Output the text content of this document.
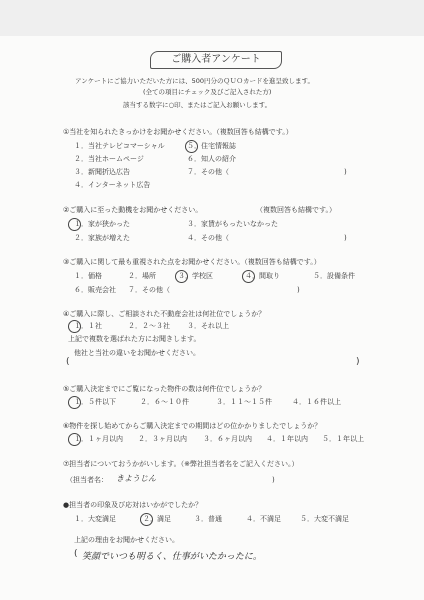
ご購入者アンケート
アンケートにご協力いただいた方には、500円分のＱＵＯカードを進呈致します。
(全ての項目にチェック及びご記入された方)
該当する数字に○印、またはご記入お願いします。
①当社を知られたきっかけをお聞かせください。（複数回答も結構です。）
１．当社テレビコマーシャル	５．住宅情報誌
２．当社ホームページ	６．知人の紹介
３．新聞折込広告	７．その他（	)
４．インターネット広告
②ご購入に至った動機をお聞かせください。	（複数回答も結構です。）
１．家が狭かった	３．家賃がもったいなかった
２．家族が増えた	４．その他（	)
③ご購入に関して最も重視された点をお聞かせください。（複数回答も結構です。）
１．価格	２．場所	３．学校区	４．間取り	５．設備条件
６．販売会社 ７．その他（	)
④ご購入に際し、ご相談された不動産会社は何社位でしょうか？
１．１社	２．２〜３社 ３．それ以上
上記で複数を選ばれた方にお聞きします。
他社と当社の違いをお聞かせください。
(	)
⑤ご購入決定までにご覧になった物件の数は何件位でしょうか？
１．５件以下	２．６〜１０件	３．１１〜１５件	４．１６件以上
⑥物件を探し始めてからご購入決定までの期間はどの位かかりましたでしょうか？
１．１ヶ月以内 ２．３ヶ月以内 ３．６ヶ月以内 ４．１年以内 ５．１年以上
⑦担当者についておうかがいします。（※弊社担当者名をご記入ください。）
（担当者名： きようじん	)
●担当者の印象及び応対はいかがでしたか？
１．大変満足	２．満足	３．普通	４．不満足	５．大変不満足
上記の理由をお聞かせください。
( 笑顔でいつも明るく、仕事がいたかったに。
